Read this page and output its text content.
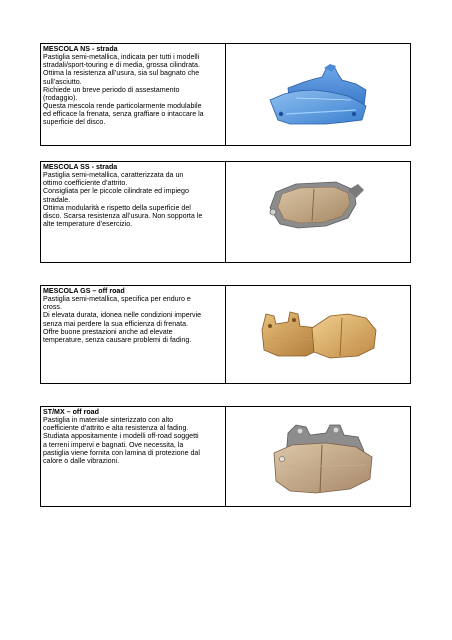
MESCOLA NS - strada
Pastiglia semi-metallica, indicata per tutti i modelli
stradali/sport-touring e di media, grossa cilindrata.
Ottima la resistenza all’usura, sia sul bagnato che
sull’asciutto.
Richiede un breve periodo di assestamento
(rodaggio).
Questa mescola rende particolarmente modulabile
ed efficace la frenata, senza graffiare o intaccare la
superficie del disco.
MESCOLA SS - strada
Pastiglia semi-metallica, caratterizzata da un
ottimo coefficiente d’attrito.
Consigliata per le piccole cilindrate ed impiego
stradale.
Ottima modularità e rispetto della superficie del
disco. Scarsa resistenza all’usura. Non sopporta le
alte temperature d’esercizio.
MESCOLA GS – off road
Pastiglia semi-metallica, specifica per enduro e
cross.
Di elevata durata, idonea nelle condizioni impervie
senza mai perdere la sua efficienza di frenata.
Offre buone prestazioni anche ad elevate
temperature, senza causare problemi di fading.
ST/MX – off road
Pastiglia in materiale sinterizzato con alto
coefficiente d’attrito e alta resistenza al fading.
Studiata appositamente i modelli off-road soggetti
a terreni impervi e bagnati. Ove necessita, la
pastiglia viene fornita con lamina di protezione dal
calore o dalle vibrazioni.
